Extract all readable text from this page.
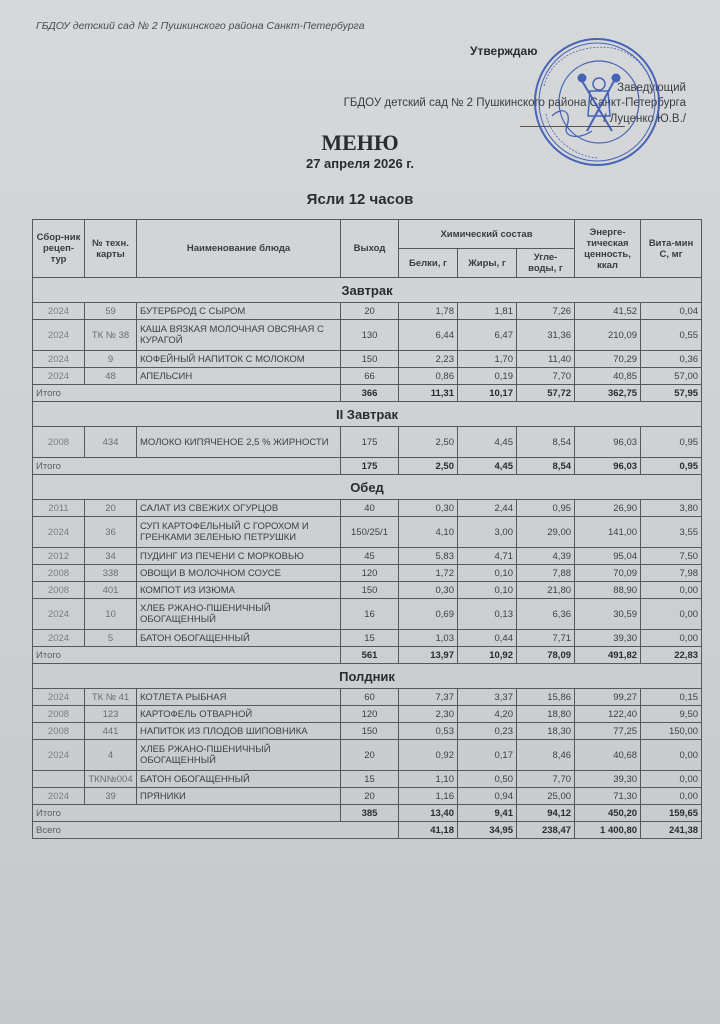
ГБДОУ детский сад № 2 Пушкинского района Санкт-Петербурга
Утверждаю
Заведующий
ГБДОУ детский сад № 2 Пушкинского района Санкт-Петербурга
/ Луценко Ю.В./
МЕНЮ
27 апреля 2026 г.
Ясли 12 часов
Сбор-ник рецеп-тур	№ техн. карты	Наименование блюда	Выход	Химический состав			Энерге-тическая ценность, ккал	Вита-мин С, мг
				Белки, г	Жиры, г	Угле-воды, г		
Завтрак								
2024	59	БУТЕРБРОД С СЫРОМ	20	1,78	1,81	7,26	41,52	0,04
2024	ТК № 38	КАША ВЯЗКАЯ МОЛОЧНАЯ ОВСЯНАЯ С КУРАГОЙ	130	6,44	6,47	31,36	210,09	0,55
2024	9	КОФЕЙНЫЙ НАПИТОК С МОЛОКОМ	150	2,23	1,70	11,40	70,29	0,36
2024	48	АПЕЛЬСИН	66	0,86	0,19	7,70	40,85	57,00
Итого			366	11,31	10,17	57,72	362,75	57,95
II Завтрак								
2008	434	МОЛОКО КИПЯЧЕНОЕ 2,5 % ЖИРНОСТИ	175	2,50	4,45	8,54	96,03	0,95
Итого			175	2,50	4,45	8,54	96,03	0,95
Обед								
2011	20	САЛАТ ИЗ СВЕЖИХ ОГУРЦОВ	40	0,30	2,44	0,95	26,90	3,80
2024	36	СУП КАРТОФЕЛЬНЫЙ С ГОРОХОМ И ГРЕНКАМИ ЗЕЛЕНЬЮ ПЕТРУШКИ	150/25/1	4,10	3,00	29,00	141,00	3,55
2012	34	ПУДИНГ ИЗ ПЕЧЕНИ С МОРКОВЬЮ	45	5,83	4,71	4,39	95,04	7,50
2008	338	ОВОЩИ В МОЛОЧНОМ СОУСЕ	120	1,72	0,10	7,88	70,09	7,98
2008	401	КОМПОТ ИЗ ИЗЮМА	150	0,30	0,10	21,80	88,90	0,00
2024	10	ХЛЕБ РЖАНО-ПШЕНИЧНЫЙ ОБОГАЩЕННЫЙ	16	0,69	0,13	6,36	30,59	0,00
2024	5	БАТОН ОБОГАЩЕННЫЙ	15	1,03	0,44	7,71	39,30	0,00
Итого			561	13,97	10,92	78,09	491,82	22,83
Полдник								
2024	ТК № 41	КОТЛЕТА РЫБНАЯ	60	7,37	3,37	15,86	99,27	0,15
2008	123	КАРТОФЕЛЬ ОТВАРНОЙ	120	2,30	4,20	18,80	122,40	9,50
2008	441	НАПИТОК ИЗ ПЛОДОВ ШИПОВНИКА	150	0,53	0,23	18,30	77,25	150,00
2024	4	ХЛЕБ РЖАНО-ПШЕНИЧНЫЙ ОБОГАЩЕННЫЙ	20	0,92	0,17	8,46	40,68	0,00
	ТКN№004	БАТОН ОБОГАЩЕННЫЙ	15	1,10	0,50	7,70	39,30	0,00
2024	39	ПРЯНИКИ	20	1,16	0,94	25,00	71,30	0,00
Итого			385	13,40	9,41	94,12	450,20	159,65
Всего				41,18	34,95	238,47	1 400,80	241,38
